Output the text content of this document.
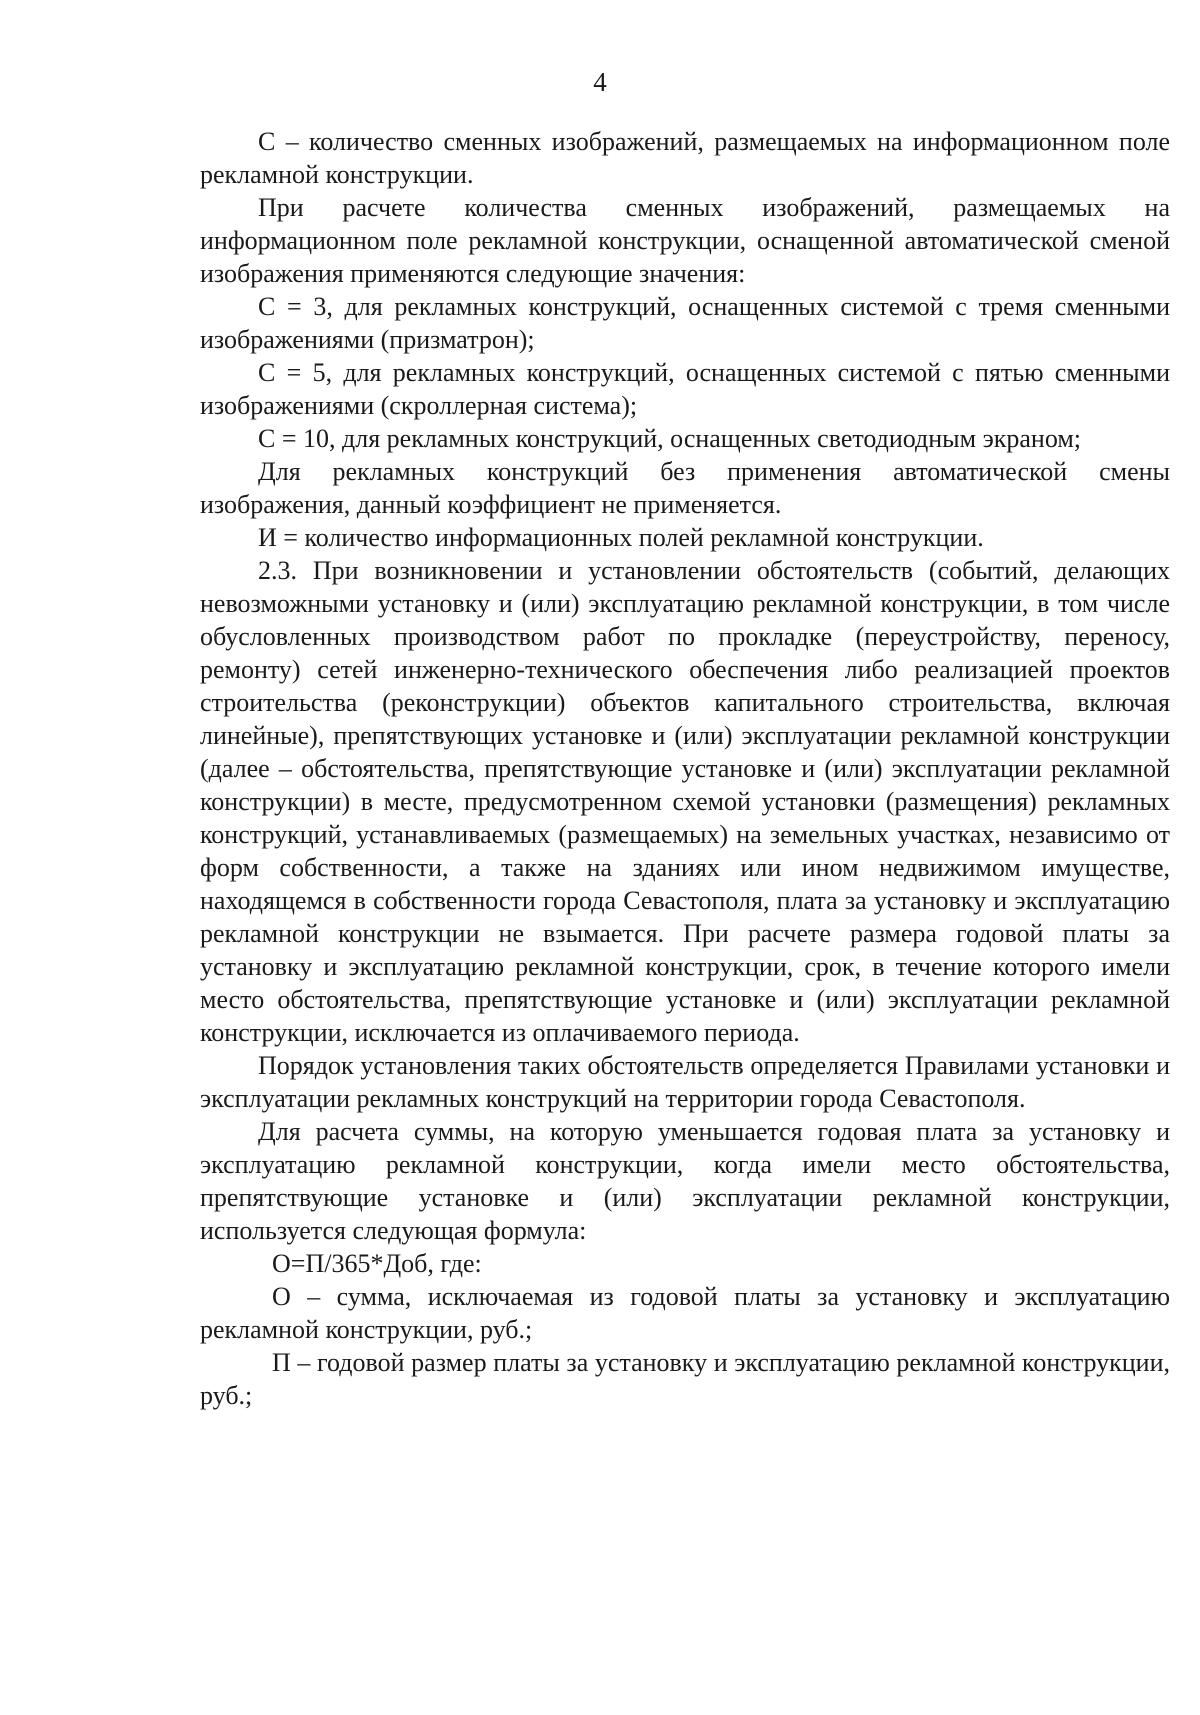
4

С – количество сменных изображений, размещаемых на информационном поле рекламной конструкции.

При расчете количества сменных изображений, размещаемых на информационном поле рекламной конструкции, оснащенной автоматической сменой изображения применяются следующие значения:

С = 3, для рекламных конструкций, оснащенных системой с тремя сменными изображениями (призматрон);

С = 5, для рекламных конструкций, оснащенных системой с пятью сменными изображениями (скроллерная система);

С = 10, для рекламных конструкций, оснащенных светодиодным экраном;

Для рекламных конструкций без применения автоматической смены изображения, данный коэффициент не применяется.

И = количество информационных полей рекламной конструкции.

2.3. При возникновении и установлении обстоятельств (событий, делающих невозможными установку и (или) эксплуатацию рекламной конструкции, в том числе обусловленных производством работ по прокладке (переустройству, переносу, ремонту) сетей инженерно-технического обеспечения либо реализацией проектов строительства (реконструкции) объектов капитального строительства, включая линейные), препятствующих установке и (или) эксплуатации рекламной конструкции (далее – обстоятельства, препятствующие установке и (или) эксплуатации рекламной конструкции) в месте, предусмотренном схемой установки (размещения) рекламных конструкций, устанавливаемых (размещаемых) на земельных участках, независимо от форм собственности, а также на зданиях или ином недвижимом имуществе, находящемся в собственности города Севастополя, плата за установку и эксплуатацию рекламной конструкции не взымается. При расчете размера годовой платы за установку и эксплуатацию рекламной конструкции, срок, в течение которого имели место обстоятельства, препятствующие установке и (или) эксплуатации рекламной конструкции, исключается из оплачиваемого периода.

Порядок установления таких обстоятельств определяется Правилами установки и эксплуатации рекламных конструкций на территории города Севастополя.

Для расчета суммы, на которую уменьшается годовая плата за установку и эксплуатацию рекламной конструкции, когда имели место обстоятельства, препятствующие установке и (или) эксплуатации рекламной конструкции, используется следующая формула:

О=П/365*Доб, где:

О – сумма, исключаемая из годовой платы за установку и эксплуатацию рекламной конструкции, руб.;

П – годовой размер платы за установку и эксплуатацию рекламной конструкции, руб.;
